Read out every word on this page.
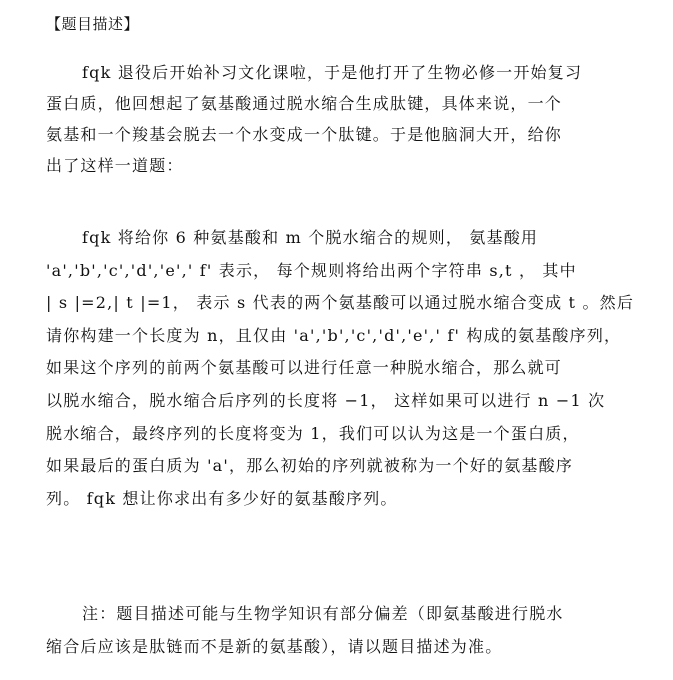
【题目描述】
fqk 退役后开始补习文化课啦，于是他打开了生物必修一开始复习
蛋白质，他回想起了氨基酸通过脱水缩合生成肽键，具体来说，一个
氨基和一个羧基会脱去一个水变成一个肽键。于是他脑洞大开，给你
出了这样一道题：
fqk 将给你 6 种氨基酸和 m 个脱水缩合的规则， 氨基酸用
'a','b','c','d','e',' f' 表示， 每个规则将给出两个字符串 s,t ， 其中
| s |=2,| t |=1， 表示 s 代表的两个氨基酸可以通过脱水缩合变成 t 。然后
请你构建一个长度为 n，且仅由 'a','b','c','d','e',' f' 构成的氨基酸序列，
如果这个序列的前两个氨基酸可以进行任意一种脱水缩合，那么就可
以脱水缩合，脱水缩合后序列的长度将 −1， 这样如果可以进行 n −1 次
脱水缩合，最终序列的长度将变为 1，我们可以认为这是一个蛋白质，
如果最后的蛋白质为 'a'，那么初始的序列就被称为一个好的氨基酸序
列。 fqk 想让你求出有多少好的氨基酸序列。
注：题目描述可能与生物学知识有部分偏差（即氨基酸进行脱水
缩合后应该是肽链而不是新的氨基酸），请以题目描述为准。
